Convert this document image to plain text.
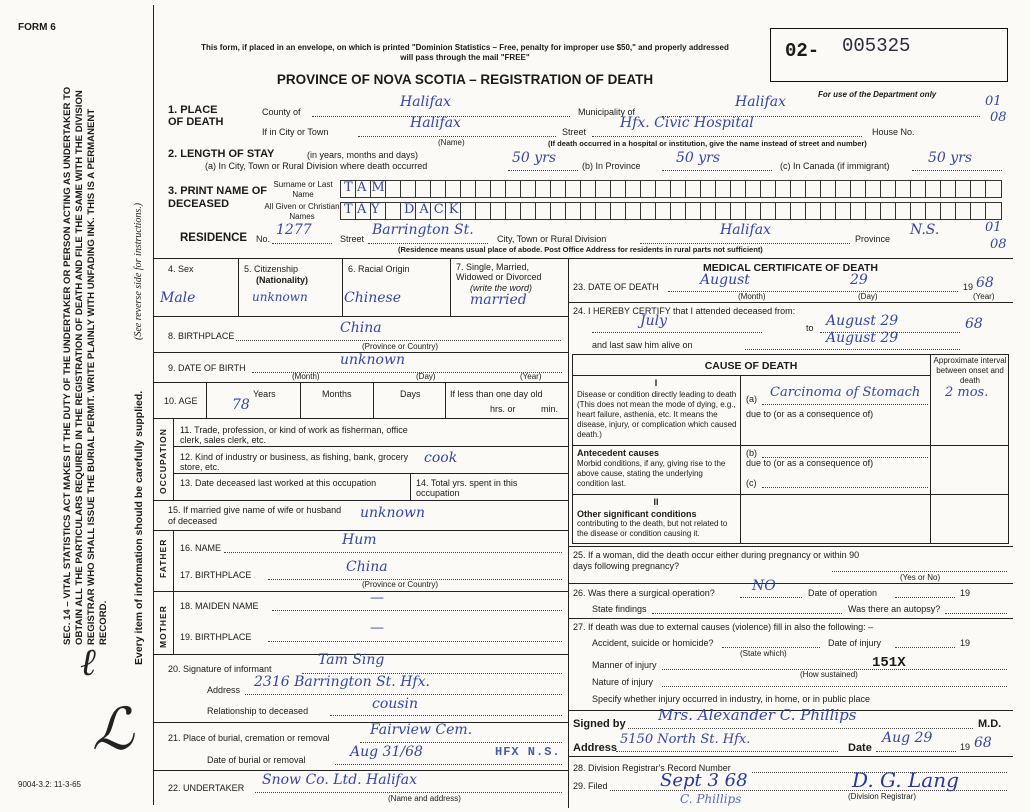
FORM 6
This form, if placed in an envelope, on which is printed "Dominion Statistics – Free, penalty for improper use $50," and properly addressed will pass through the mail "FREE"
PROVINCE OF NOVA SCOTIA – REGISTRATION OF DEATH
02- 005325
For use of the Department only	01
08
SEC. 14 – VITAL STATISTICS ACT MAKES IT THE DUTY OF THE UNDERTAKER OR PERSON ACTING AS UNDERTAKER TO OBTAIN ALL THE PARTICULARS REQUIRED IN THE REGISTRATION OF DEATH AND FILE THE SAME WITH THE DIVISION REGISTRAR WHO SHALL ISSUE THE BURIAL PERMIT. WRITE PLAINLY WITH UNFADING INK. THIS IS A PERMANENT RECORD.
(See reverse side for instructions.)
Every item of information should be carefully supplied.
ℓ
ℒ
9004-3.2: 11-3-65
1. PLACE OF DEATH
County of
Halifax
Municipality of
Halifax
If in City or Town
Halifax
(Name)
Street
Hfx. Civic Hospital
House No.
(If death occurred in a hospital or institution, give the name instead of street and number)
2. LENGTH OF STAY	(in years, months and days)
(a) In City, Town or Rural Division where death occurred	50 yrs	(b) In Province	50 yrs	(c) In Canada (if immigrant)	50 yrs
3. PRINT NAME OF DECEASED
Surname or Last Name	TAM
All Given or Christian Names	TAY DACK
RESIDENCE No.
1277
Street
Barrington St.
City, Town or Rural Division
Halifax
Province
N.S.
(Residence means usual place of abode. Post Office Address for residents in rural parts not sufficient)
01
08
4. Sex
Male
5. Citizenship
(Nationality)
unknown
6. Racial Origin
Chinese
7. Single, Married, Widowed or Divorced
(write the word)
married
8. BIRTHPLACE	China
(Province or Country)
9. DATE OF BIRTH	unknown
(Month)	(Day)	(Year)
10. AGE
Years
78
Months	Days	If less than one day old
hrs. or	min.
OCCUPATION 11. Trade, profession, or kind of work as fisherman, office clerk, sales clerk, etc.
12. Kind of industry or business, as fishing, bank, grocery store, etc.
cook
13. Date deceased last worked at this occupation	14. Total yrs. spent in this occupation
15. If married give name of wife or husband of deceased	unknown
FATHER 16. NAME	Hum
17. BIRTHPLACE	China
(Province or Country)
MOTHER 18. MAIDEN NAME	—
19. BIRTHPLACE
—
20. Signature of informant
Tam Sing
Address 2316 Barrington St. Hfx.
Relationship to deceased	cousin
21. Place of burial, cremation or removal	Fairview Cem.
Date of burial or removal	Aug 31/68	HFX N.S.
22. UNDERTAKER Snow Co. Ltd. Halifax
(Name and address)
MEDICAL CERTIFICATE OF DEATH
23. DATE OF DEATH	August	29	19 68
(Month)	(Day)	(Year)
24. I HEREBY CERTIFY that I attended deceased from:
July	to August 29	68
and last saw him alive on	August 29
CAUSE OF DEATH	Approximate interval between onset and death
I
Disease or condition directly leading to death (This does not mean the mode of dying, e.g., heart failure, asthenia, etc. It means the disease, injury, or complication which caused death.)
(a) Carcinoma of Stomach 2 mos.
due to (or as a consequence of)
Antecedent causes
Morbid conditions, if any, giving rise to the above cause, stating the underlying condition last.
(b)
due to (or as a consequence of)
(c)
II
Other significant conditions
contributing to the death, but not related to the disease or condition causing it.
25. If a woman, did the death occur either during pregnancy or within 90 days following pregnancy?
(Yes or No)
26. Was there a surgical operation?	NO	Date of operation	19
State findings	Was there an autopsy?
27. If death was due to external causes (violence) fill in also the following: –
Accident, suicide or homicide?	Date of injury	19
(State which)
Manner of injury	151X
(How sustained)
Nature of injury
Specify whether injury occurred in industry, in home, or in public place
Signed by Mrs. Alexander C. Phillips	M.D.
Address
5150 North St. Hfx.
Date
Aug 29
19 68
28. Division Registrar's Record Number
29. Filed	Sept 3 68	D. G. Lang
(Division Registrar)
C. Phillips
